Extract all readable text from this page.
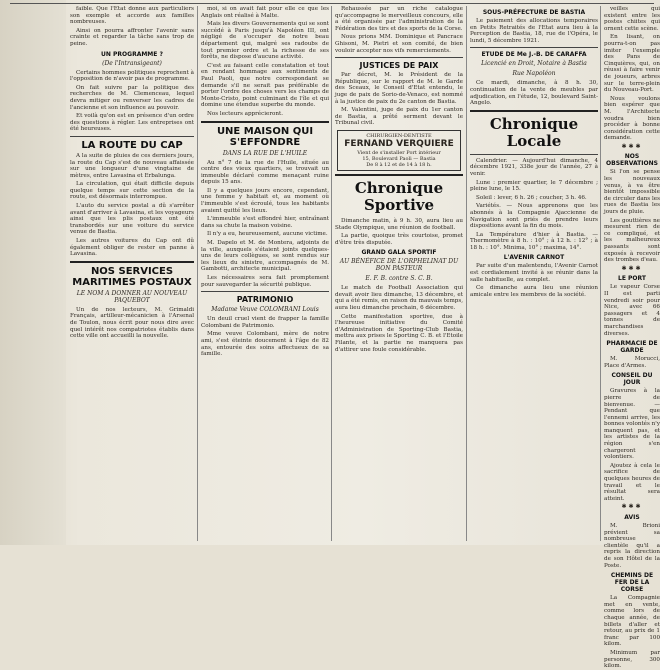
faible. Que l'Etat donne aux particuliers son exemple et accorde aux familles nombreuses.

Ainsi on pourra affronter l'avenir sans crainte et regarder la tâche sans trop de peine.

UN PROGRAMME ?
(De l'Intransigeant)

Certains hommes politiques reprochent à l'opposition de n'avoir pas de programme.

On fait suivre par la politique des recherches de M. Clemenceau, lequel devra mitiger ou renverser les cadres de l'ancienne et son influence au pouvoir.

Et voilà qu'on est en présence d'un ordre des questions à régler. Les entreprises ont été heureuses.

LA ROUTE DU CAP

A la suite de pluies de ces derniers jours, la route du Cap s'est de nouveau affaissée sur une longueur d'une vingtaine de mètres, entre Lavasina et Erbalunga.

La circulation, qui était difficile depuis quelque temps sur cette section de la route, est désormais interrompue.

L'auto du service postal a dû s'arrêter avant d'arriver à Lavasina, et les voyageurs ainsi que les plis postaux ont été transbordés sur une voiture du service venue de Bastia.

Les autres voitures du Cap ont dû également obliger de rester en panne à Lavasina.

NOS SERVICES MARITIMES POSTAUX
LE NOM A DONNER AU NOUVEAU PAQUEBOT

Un de nos lecteurs, M. Grimaldi Français, artilleur-mécanicien à l'Arsenal de Toulon, nous écrit pour nous dire avec quel intérêt nos compatriotes établis dans cette ville ont accueilli la nouvelle.

moi, si on avait fait pour elle ce que les Anglais ont réalisé à Malte.

Mais les divers Gouvernements qui se sont succédé à Paris jusqu'à Napoléon III, ont négligé de s'occuper de notre beau département qui, malgré ses radoubs de tout premier ordre et la richesse de ses forêts, ne dispose d'aucune activité.

C'est au faisant celle constatation et tout en rendant hommage aux sentiments de Paul Paoli, que notre correspondant se demande s'il ne serait pas préférable de porter l'ordre des choses vers les champs de Monte-Cristo, point culminant de l'île et qui domine une étendue superbe du monde.

Nos lecteurs apprécieront.

UNE MAISON QUI S'EFFONDRE
DANS LA RUE DE L'HUILE

Au n° 7 de la rue de l'Huile, située au centre des vieux quartiers, se trouvait un immeuble déclaré comme menaçant ruine depuis 15 ans.

Il y a quelques jours encore, cependant, une femme y habitait et, au moment où l'immeuble s'est écroulé, tous les habitants avaient quitté les lieux.

L'immeuble s'est effondré hier, entraînant dans sa chute la maison voisine.

Il n'y a eu, heureusement, aucune victime.

M. Dapelo et M. de Montera, adjoints de la ville, auxquels s'étaient joints quelques-uns de leurs collègues, se sont rendus sur les lieux du sinistre, accompagnés de M. Gambotti, architecte municipal.

Les nécessaires sera fait promptement pour sauvegarder la sécurité publique.

PATRIMONIO
Madame Veuve COLOMBANI Louis

Un deuil cruel vient de frapper la famille Colombani de Patrimonio.

Mme veuve Colombani, mère de notre ami, s'est éteinte doucement à l'âge de 82 ans, entourée des soins affectueux de sa famille.

Rehaussée par un riche catalogue qu'accompagne le merveilleux concours, elle a été organisée par l'administration de la Fédération des tirs et des sports de la Corse.

Nous prions MM. Dominique et Pancrace Ghisoni, M. Pietri et son comité, de bien vouloir accepter nos vifs remerciements.

JUSTICES DE PAIX

Par décret, M. le Président de la République, sur le rapport de M. le Garde des Sceaux, le Conseil d'Etat entendu, le juge de paix de Sorio-de-Venaco, est nommé à la justice de paix du 2e canton de Bastia.

M. Valentini, juge de paix du 1er canton de Bastia, a prêté serment devant le Tribunal civil.

CHIRURGIEN-DENTISTE
FERNAND VERQUIERE
Vient de s'installer Port intérieur
15, Boulevard Paoli — Bastia
De 8 à 12 et de 14 à 18 h.
Chronique Sportive

Dimanche matin, à 9 h. 30, aura lieu au Stade Olympique, une réunion de football.

La partie, quoique très courtoise, promet d'être très disputée.

GRAND GALA SPORTIF
AU BÉNÉFICE DE L'ORPHELINAT DU BON PASTEUR
E. F. B. contre S. C. B.

Le match de Football Association qui devait avoir lieu dimanche, 13 décembre, et qui a été remis, en raison du mauvais temps, aura lieu dimanche prochain, 6 décembre.

Cette manifestation sportive, due à l'heureuse initiative du Comité d'Administration de Sporting-Club Bastia, mettra aux prises le Sporting C. B. et l'Etoile Filante, et la partie ne manquera pas d'attirer une foule considérable.

SOUS-PRÉFECTURE DE BASTIA

Le paiement des allocations temporaires en Petits Retraités de l'Etat aura lieu à la Perception de Bastia, 18, rue de l'Opéra, le lundi, 5 décembre 1921.

ETUDE DE Me J.-B. DE CARAFFA
Licencié en Droit, Notaire à Bastia
Rue Napoléon

Ce mardi, dimanche, à 8 h. 30, continuation de la vente de meubles par adjudication, en l'étude, 12, boulevard Saint-Angelo.

Chronique Locale

Calendrier. — Aujourd'hui dimanche, 4 décembre 1921, 338e jour de l'année, 27 à venir.

Lune : premier quartier, le 7 décembre ; pleine lune, le 15.

Soleil : lever, 6 h. 26 ; coucher, 3 h. 46.

Variétés. — Nous apprenons que les abonnés à la Compagnie Ajaccienne de Navigation sont priés de prendre leurs dispositions avant la fin du mois.

La Température d'hier à Bastia. — Thermomètre à 8 h. : 10° ; à 12 h. : 12° ; à 18 h. : 10°. Minima, 10° ; maxima, 14°.

L'AVENIR CARNOT

Par suite d'un malentendu, l'Avenir Carnot est cordialement invité à se réunir dans la salle habituelle, au complet.

Ce dimanche aura lieu une réunion amicale entre les membres de la société.

veilles qui existent entre les postes chiites qui ornent cette scène.

En lisant, on pourra-t-on pas imiter l'exemple des Pans de Cinquières, qui, on réussi à faire venir de joueurs, arbres sur le terre-plein du Nouveau-Port.

Nous voulons bien espérer que M. l'Architecte voudra bien procéder à bonne considération cette demande.

✱✱✱
NOS OBSERVATIONS

Si l'on se pense les nouveaux venus, à va être bientôt impossible de circuler dans les rues de Bastia les jours de pluie.

Les gouttières ne mesurent rien de ce compliqué, et les malheureux passants sont exposés à recevoir des trombes d'eau.

✱✱✱
LE PORT

Le vapeur Corse II est parti vendredi soir pour Nice, avec 66 passagers et 4 tonnes de marchandises diverses.

PHARMACIE DE GARDE

M. Morucci, Place d'Armes.

CONSEIL DU JOUR

Gravures à la pierre de bienvenue. — Pendant que l'ennemi arrive, les bonnes volontés n'y manquent pas, et les artistes de la région s'en chargeront volontiers.

Ajoutez à cela le sacrifice de quelques heures de travail et le résultat sera atteint.

✱✱✱
AVIS

M. Brioni prévient sa nombreuse clientèle qu'il a repris la direction de son Hôtel de la Poste.

CHEMINS DE FER DE LA CORSE

La Compagnie met en vente, comme lors de chaque année, de billets d'aller et retour, au prix de 1 franc par 100 kilom.

Minimum par personne, 300 kilom.
